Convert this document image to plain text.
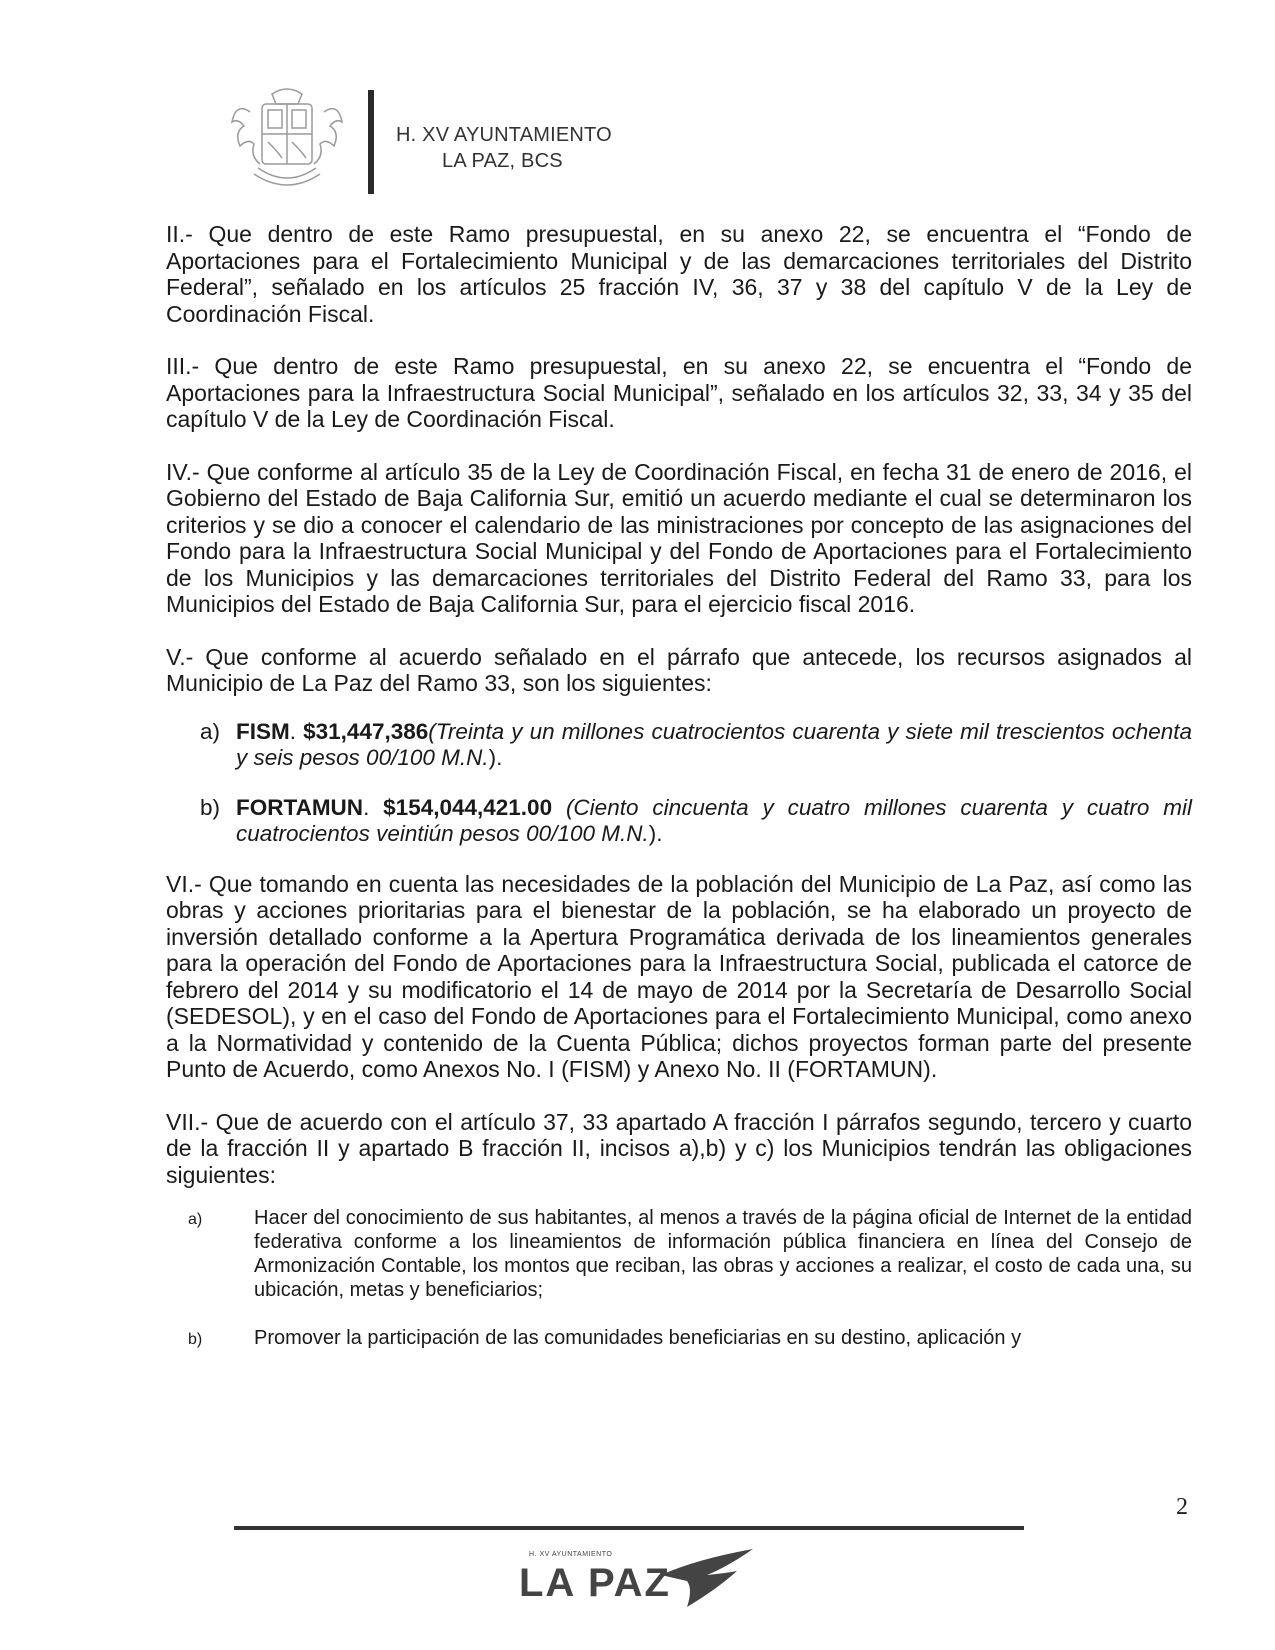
H. XV AYUNTAMIENTO
LA PAZ, BCS

II.- Que dentro de este Ramo presupuestal, en su anexo 22, se encuentra el “Fondo de Aportaciones para el Fortalecimiento Municipal y de las demarcaciones territoriales del Distrito Federal”, señalado en los artículos 25 fracción IV, 36, 37 y 38 del capítulo V de la Ley de Coordinación Fiscal.

III.- Que dentro de este Ramo presupuestal, en su anexo 22, se encuentra el “Fondo de Aportaciones para la Infraestructura Social Municipal”, señalado en los artículos 32, 33, 34 y 35 del capítulo V de la Ley de Coordinación Fiscal.

IV.- Que conforme al artículo 35 de la Ley de Coordinación Fiscal, en fecha 31 de enero de 2016, el Gobierno del Estado de Baja California Sur, emitió un acuerdo mediante el cual se determinaron los criterios y se dio a conocer el calendario de las ministraciones por concepto de las asignaciones del Fondo para la Infraestructura Social Municipal y del Fondo de Aportaciones para el Fortalecimiento de los Municipios y las demarcaciones territoriales del Distrito Federal del Ramo 33, para los Municipios del Estado de Baja California Sur, para el ejercicio fiscal 2016.

V.- Que conforme al acuerdo señalado en el párrafo que antecede, los recursos asignados al Municipio de La Paz del Ramo 33, son los siguientes:

a) FISM. $31,447,386(Treinta y un millones cuatrocientos cuarenta y siete mil trescientos ochenta y seis pesos 00/100 M.N.).
b) FORTAMUN. $154,044,421.00 (Ciento cincuenta y cuatro millones cuarenta y cuatro mil cuatrocientos veintiún pesos 00/100 M.N.).

VI.- Que tomando en cuenta las necesidades de la población del Municipio de La Paz, así como las obras y acciones prioritarias para el bienestar de la población, se ha elaborado un proyecto de inversión detallado conforme a la Apertura Programática derivada de los lineamientos generales para la operación del Fondo de Aportaciones para la Infraestructura Social, publicada el catorce de febrero del 2014 y su modificatorio el 14 de mayo de 2014 por la Secretaría de Desarrollo Social (SEDESOL), y en el caso del Fondo de Aportaciones para el Fortalecimiento Municipal, como anexo a la Normatividad y contenido de la Cuenta Pública; dichos proyectos forman parte del presente Punto de Acuerdo, como Anexos No. I (FISM) y Anexo No. II (FORTAMUN).

VII.- Que de acuerdo con el artículo 37, 33 apartado A fracción I párrafos segundo, tercero y cuarto de la fracción II y apartado B fracción II, incisos a),b) y c) los Municipios tendrán las obligaciones siguientes:

a)	Hacer del conocimiento de sus habitantes, al menos a través de la página oficial de Internet de la entidad federativa conforme a los lineamientos de información pública financiera en línea del Consejo de Armonización Contable, los montos que reciban, las obras y acciones a realizar, el costo de cada una, su ubicación, metas y beneficiarios;
b)	Promover la participación de las comunidades beneficiarias en su destino, aplicación y
2
H. XV AYUNTAMIENTO
LA PAZ
